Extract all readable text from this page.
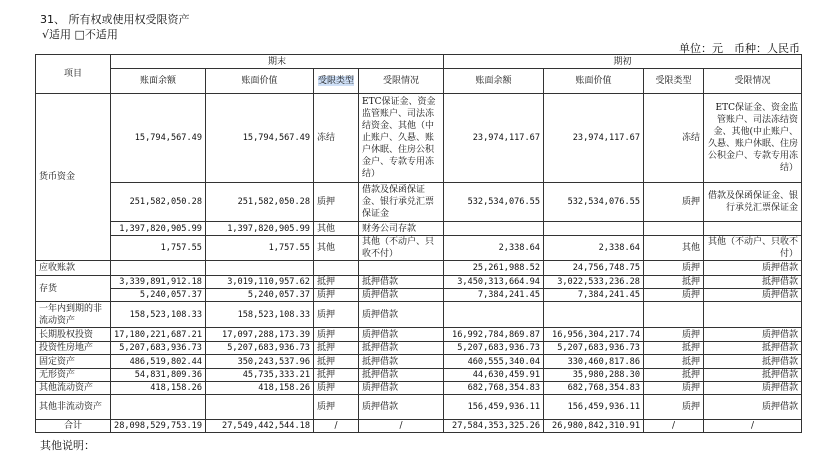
31、 所有权或使用权受限资产
√适用 □不适用
单位：元　币种：人民币
项目	期末				期初			
	账面余额	账面价值	受限类型	受限情况	账面余额	账面价值	受限类型	受限情况
货币资金	15,794,567.49	15,794,567.49	冻结	ETC保证金、资金监管账户、司法冻结资金、其他（中止账户、久悬、账户休眠、住房公积金户、专款专用冻结）	23,974,117.67	23,974,117.67	冻结	ETC保证金、资金监管账户、司法冻结资金、其他(中止账户、久悬、账户休眠、住房公积金户、专款专用冻结）
	251,582,050.28	251,582,050.28	质押	借款及保函保证金、银行承兑汇票保证金	532,534,076.55	532,534,076.55	质押	借款及保函保证金、银行承兑汇票保证金
	1,397,820,905.99	1,397,820,905.99	其他	财务公司存款				
	1,757.55	1,757.55	其他	其他（不动户、只收不付）	2,338.64	2,338.64	其他	其他（不动户、只收不付）
应收账款					25,261,988.52	24,756,748.75	质押	质押借款
存货	3,339,891,912.18	3,019,110,957.62	抵押	抵押借款	3,450,313,664.94	3,022,533,236.28	抵押	抵押借款
	5,240,057.37	5,240,057.37	质押	质押借款	7,384,241.45	7,384,241.45	质押	质押借款
一年内到期的非流动资产	158,523,108.33	158,523,108.33	质押	质押借款				
长期股权投资	17,180,221,687.21	17,097,288,173.39	质押	质押借款	16,992,784,869.87	16,956,304,217.74	质押	质押借款
投资性房地产	5,207,683,936.73	5,207,683,936.73	抵押	抵押借款	5,207,683,936.73	5,207,683,936.73	抵押	抵押借款
固定资产	486,519,802.44	350,243,537.96	抵押	抵押借款	460,555,340.04	330,460,817.86	抵押	抵押借款
无形资产	54,831,809.36	45,735,333.21	抵押	抵押借款	44,630,459.91	35,980,288.30	抵押	抵押借款
其他流动资产	418,158.26	418,158.26	质押	质押借款	682,768,354.83	682,768,354.83	质押	质押借款
其他非流动资产			质押	质押借款	156,459,936.11	156,459,936.11	质押	质押借款
合计	28,098,529,753.19	27,549,442,544.18	/	/	27,584,353,325.26	26,980,842,310.91	/	/
其他说明：
